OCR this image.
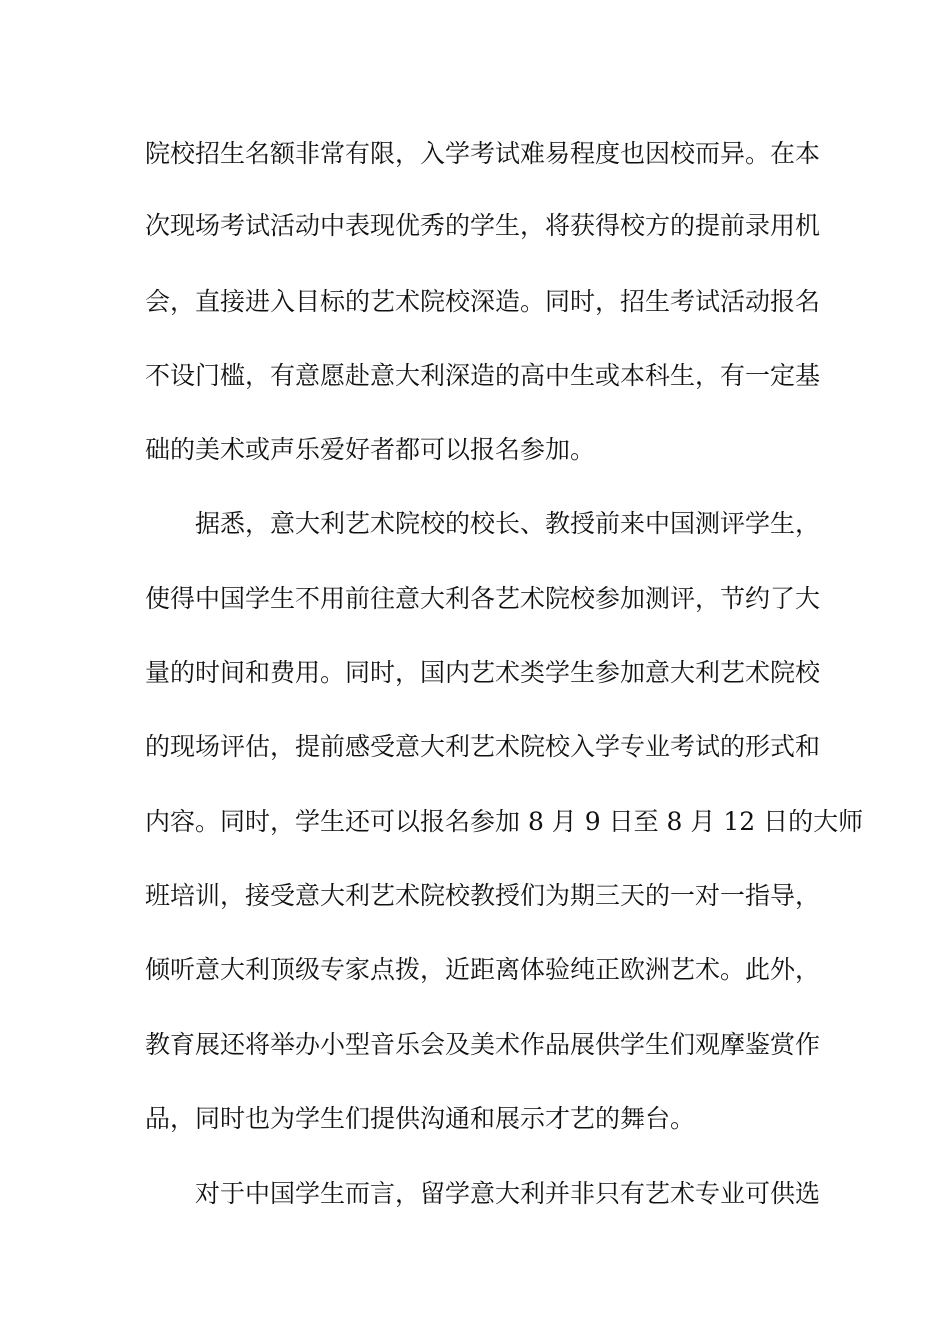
院校招生名额非常有限，入学考试难易程度也因校而异。在本
次现场考试活动中表现优秀的学生，将获得校方的提前录用机
会，直接进入目标的艺术院校深造。同时，招生考试活动报名
不设门槛，有意愿赴意大利深造的高中生或本科生，有一定基
础的美术或声乐爱好者都可以报名参加。
据悉，意大利艺术院校的校长、教授前来中国测评学生，
使得中国学生不用前往意大利各艺术院校参加测评，节约了大
量的时间和费用。同时，国内艺术类学生参加意大利艺术院校
的现场评估，提前感受意大利艺术院校入学专业考试的形式和
内容。同时，学生还可以报名参加 8 月 9 日至 8 月 12 日的大师
班培训，接受意大利艺术院校教授们为期三天的一对一指导，
倾听意大利顶级专家点拨，近距离体验纯正欧洲艺术。此外，
教育展还将举办小型音乐会及美术作品展供学生们观摩鉴赏作
品，同时也为学生们提供沟通和展示才艺的舞台。
对于中国学生而言，留学意大利并非只有艺术专业可供选
